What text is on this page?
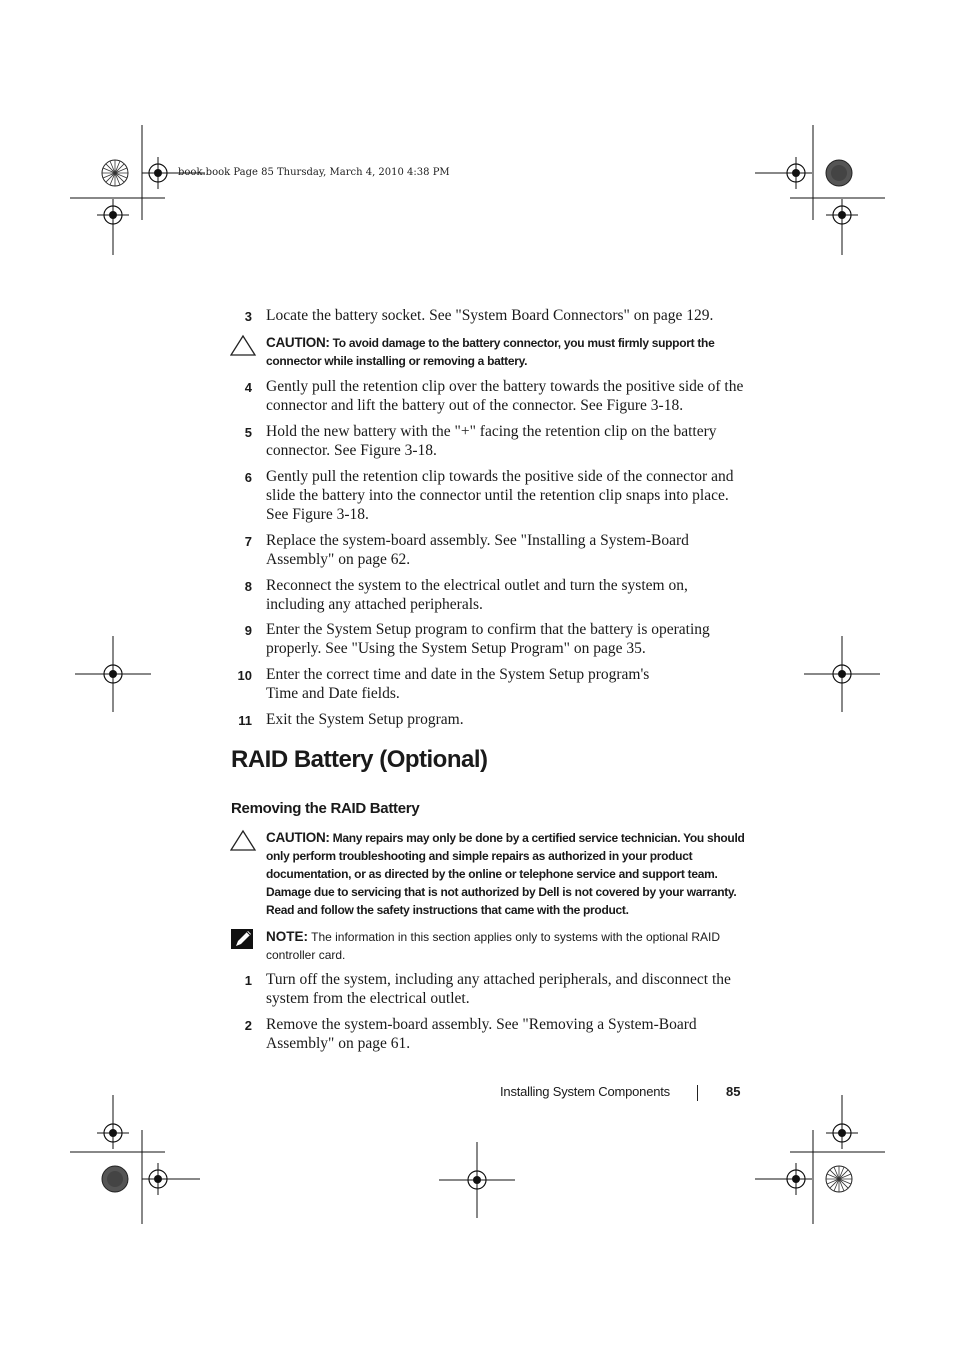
book.book Page 85 Thursday, March 4, 2010 4:38 PM
3 Locate the battery socket. See "System Board Connectors" on page 129.
CAUTION: To avoid damage to the battery connector, you must firmly support the connector while installing or removing a battery.
4 Gently pull the retention clip over the battery towards the positive side of the connector and lift the battery out of the connector. See Figure 3-18.
5 Hold the new battery with the "+" facing the retention clip on the battery connector. See Figure 3-18.
6 Gently pull the retention clip towards the positive side of the connector and slide the battery into the connector until the retention clip snaps into place. See Figure 3-18.
7 Replace the system-board assembly. See "Installing a System-Board Assembly" on page 62.
8 Reconnect the system to the electrical outlet and turn the system on, including any attached peripherals.
9 Enter the System Setup program to confirm that the battery is operating properly. See "Using the System Setup Program" on page 35.
10 Enter the correct time and date in the System Setup program's
Time and Date fields.
11 Exit the System Setup program.
RAID Battery (Optional)
Removing the RAID Battery
CAUTION: Many repairs may only be done by a certified service technician. You should only perform troubleshooting and simple repairs as authorized in your product documentation, or as directed by the online or telephone service and support team. Damage due to servicing that is not authorized by Dell is not covered by your warranty. Read and follow the safety instructions that came with the product.
NOTE: The information in this section applies only to systems with the optional RAID controller card.
1 Turn off the system, including any attached peripherals, and disconnect the system from the electrical outlet.
2 Remove the system-board assembly. See "Removing a System-Board Assembly" on page 61.
Installing System Components	85
